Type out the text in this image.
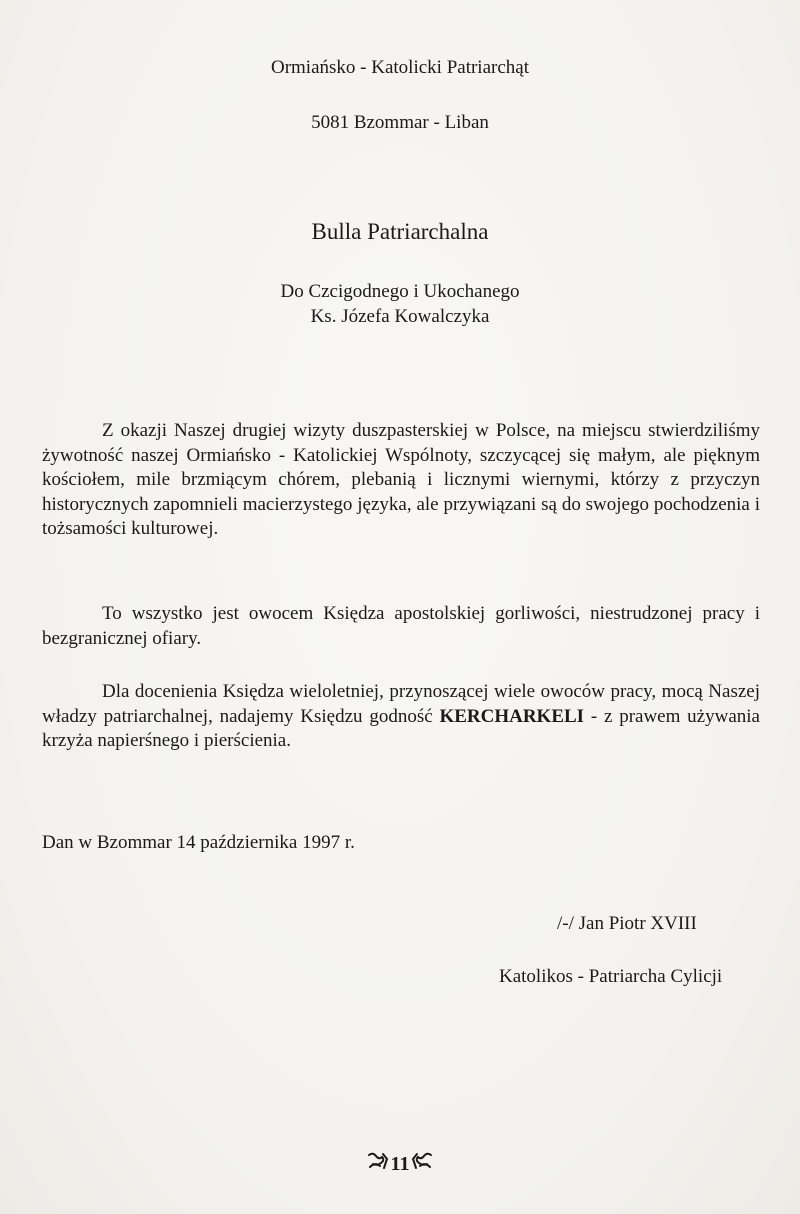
Ormiańsko - Katolicki Patriarchąt
5081 Bzommar - Liban
Bulla Patriarchalna
Do Czcigodnego i Ukochanego
Ks. Józefa Kowalczyka

Z okazji Naszej drugiej wizyty duszpasterskiej w Polsce, na miejscu stwierdziliśmy żywotność naszej Ormiańsko - Katolickiej Wspólnoty, szczycącej się małym, ale pięknym kościołem, mile brzmiącym chórem, plebanią i licznymi wiernymi, którzy z przyczyn historycznych zapomnieli macierzystego języka, ale przywiązani są do swojego pochodzenia i tożsamości kulturowej.

To wszystko jest owocem Księdza apostolskiej gorliwości, niestrudzonej pracy i bezgranicznej ofiary.

Dla docenienia Księdza wieloletniej, przynoszącej wiele owoców pracy, mocą Naszej władzy patriarchalnej, nadajemy Księdzu godność KERCHARKELI - z prawem używania krzyża napierśnego i pierścienia.

Dan w Bzommar 14 października 1997 r.
/-/ Jan Piotr XVIII
Katolikos - Patriarcha Cylicji
11
